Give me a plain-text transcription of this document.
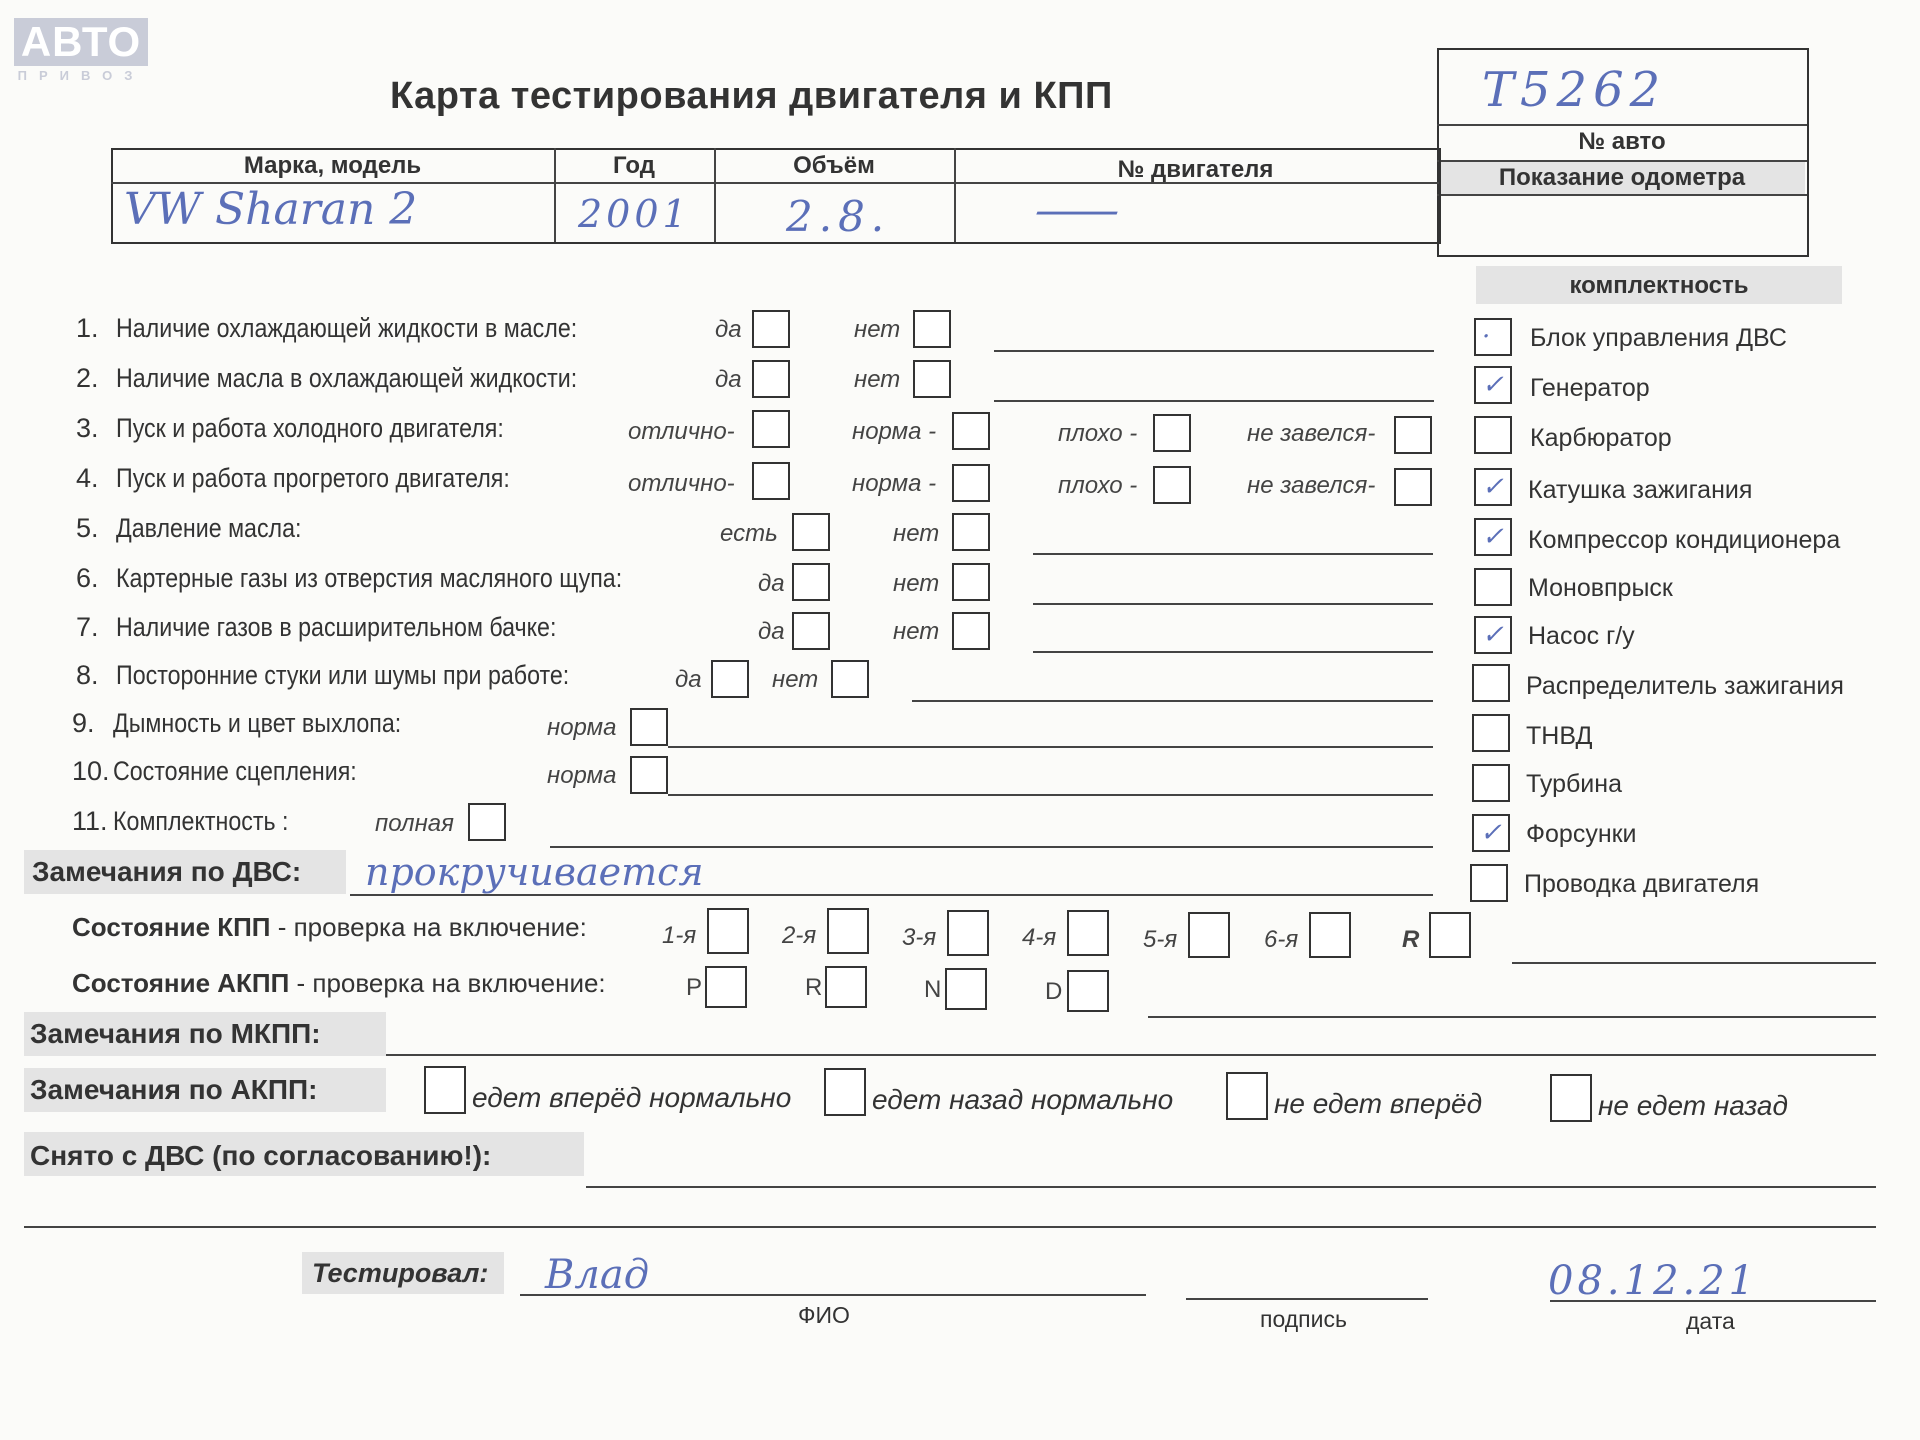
АВТО
ПРИВОЗ	Карта тестирования двигателя и КПП	T5262
№ авто
Показание одометра
Марка, модель	Год	Объём	№ двигателя
VW Sharan 2	2001 2.8.	—
комплектность
1. Наличие охлаждающей жидкости в масле:	да	нет
2. Наличие масла в охлаждающей жидкости:	да	нет
3. Пуск и работа холодного двигателя:	отлично-	норма -	плохо -	не завелся-
4. Пуск и работа прогретого двигателя:	отлично-	норма -	плохо -	не завелся-
5. Давление масла:	есть	нет
6. Картерные газы из отверстия масляного щупа:	да	нет
7. Наличие газов в расширительном бачке:	да	нет
8. Посторонние стуки или шумы при работе:	да	нет
9. Дымность и цвет выхлопа:	норма
10. Состояние сцепления:	норма
11. Комплектность :	полная
· Блок управления ДВС
✓ Генератор
Карбюратор
✓ Катушка зажигания
✓ Компрессор кондиционера
Моновпрыск
✓ Насос г/у
Распределитель зажигания
ТНВД
Турбина
✓ Форсунки
Проводка двигателя
Замечания по ДВС: прокручивается
Состояние КПП - проверка на включение:	1-я	2-я	3-я	4-я	5-я	6-я	R
Состояние АКПП - проверка на включение:	P	R	N	D
Замечания по МКПП:
Замечания по АКПП:	едет вперёд нормально	едет назад нормально	не едет вперёд	не едет назад
Снято с ДВС (по согласованию!):
Тестировал: Влад
ФИО	подпись
08.12.21
дата
